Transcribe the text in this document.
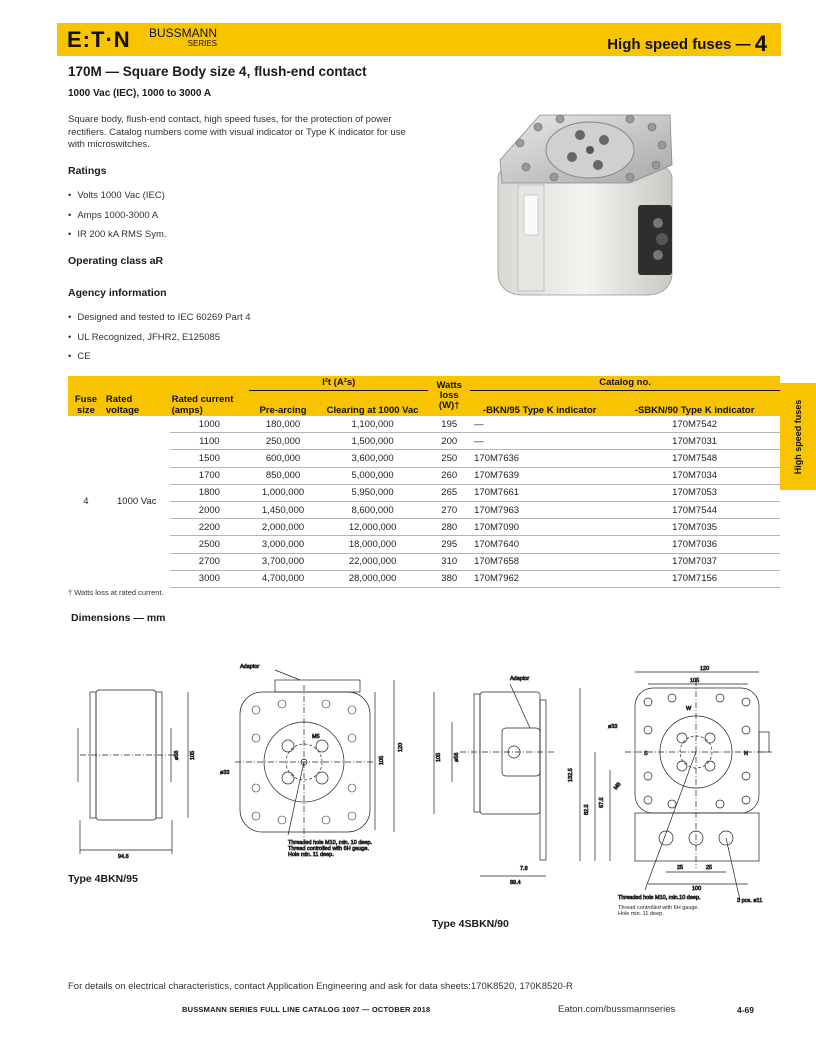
E:T·N BUSSMANN
SERIES	High speed fuses — 4
High speed fuses
170M — Square Body size 4, flush-end contact
1000 Vac (IEC), 1000 to 3000 A
Square body, flush-end contact, high speed fuses, for the protection of power rectifiers. Catalog numbers come with visual indicator or Type K indicator for use with microswitches.
Ratings
• Volts 1000 Vac (IEC)
• Amps 1000-3000 A
• IR 200 kA RMS Sym.
Operating class aR
Agency information
• Designed and tested to IEC 60269 Part 4
• UL Recognized, JFHR2, E125085
• CE
Fuse size	Rated voltage	Rated current (amps)	I²t (A²s)		Watts loss (W)†	Catalog no.	
			Pre-arcing	Clearing at 1000 Vac		-BKN/95 Type K indicator	-SBKN/90 Type K indicator
4	1000 Vac	1000	180,000	1,100,000	195	—	170M7542
		1100	250,000	1,500,000	200	—	170M7031
		1500	600,000	3,600,000	250	170M7636	170M7548
		1700	850,000	5,000,000	260	170M7639	170M7034
		1800	1,000,000	5,950,000	265	170M7661	170M7053
		2000	1,450,000	8,600,000	270	170M7963	170M7544
		2200	2,000,000	12,000,000	280	170M7090	170M7035
		2500	3,000,000	18,000,000	295	170M7640	170M7036
		2700	3,700,000	22,000,000	310	170M7658	170M7037
		3000	4,700,000	28,000,000	380	170M7962	170M7156
† Watts loss at rated current.
Dimensions — mm
ø56 105
94.6
Adaptor
105
120
ø33
M5
Threaded hole M10, min. 10 deep.
Thread controlled with 6H gauge.
Hole min. 11 deep.
Adaptor
105 ø56
7.8
89.4
120
105
ø33
M5
132.5
82.5
67.5
25	25
100
W
S	N
Threaded hole M10, min.10 deep.	3 pcs. ø11
Thread controlled with 6H gauge.
Hole min. 11 deep.
Type 4BKN/95
Type 4SBKN/90
For details on electrical characteristics, contact Application Engineering and ask for data sheets:170K8520, 170K8520-R
BUSSMANN SERIES FULL LINE CATALOG 1007 — OCTOBER 2018	Eaton.com/bussmannseries	4-69
